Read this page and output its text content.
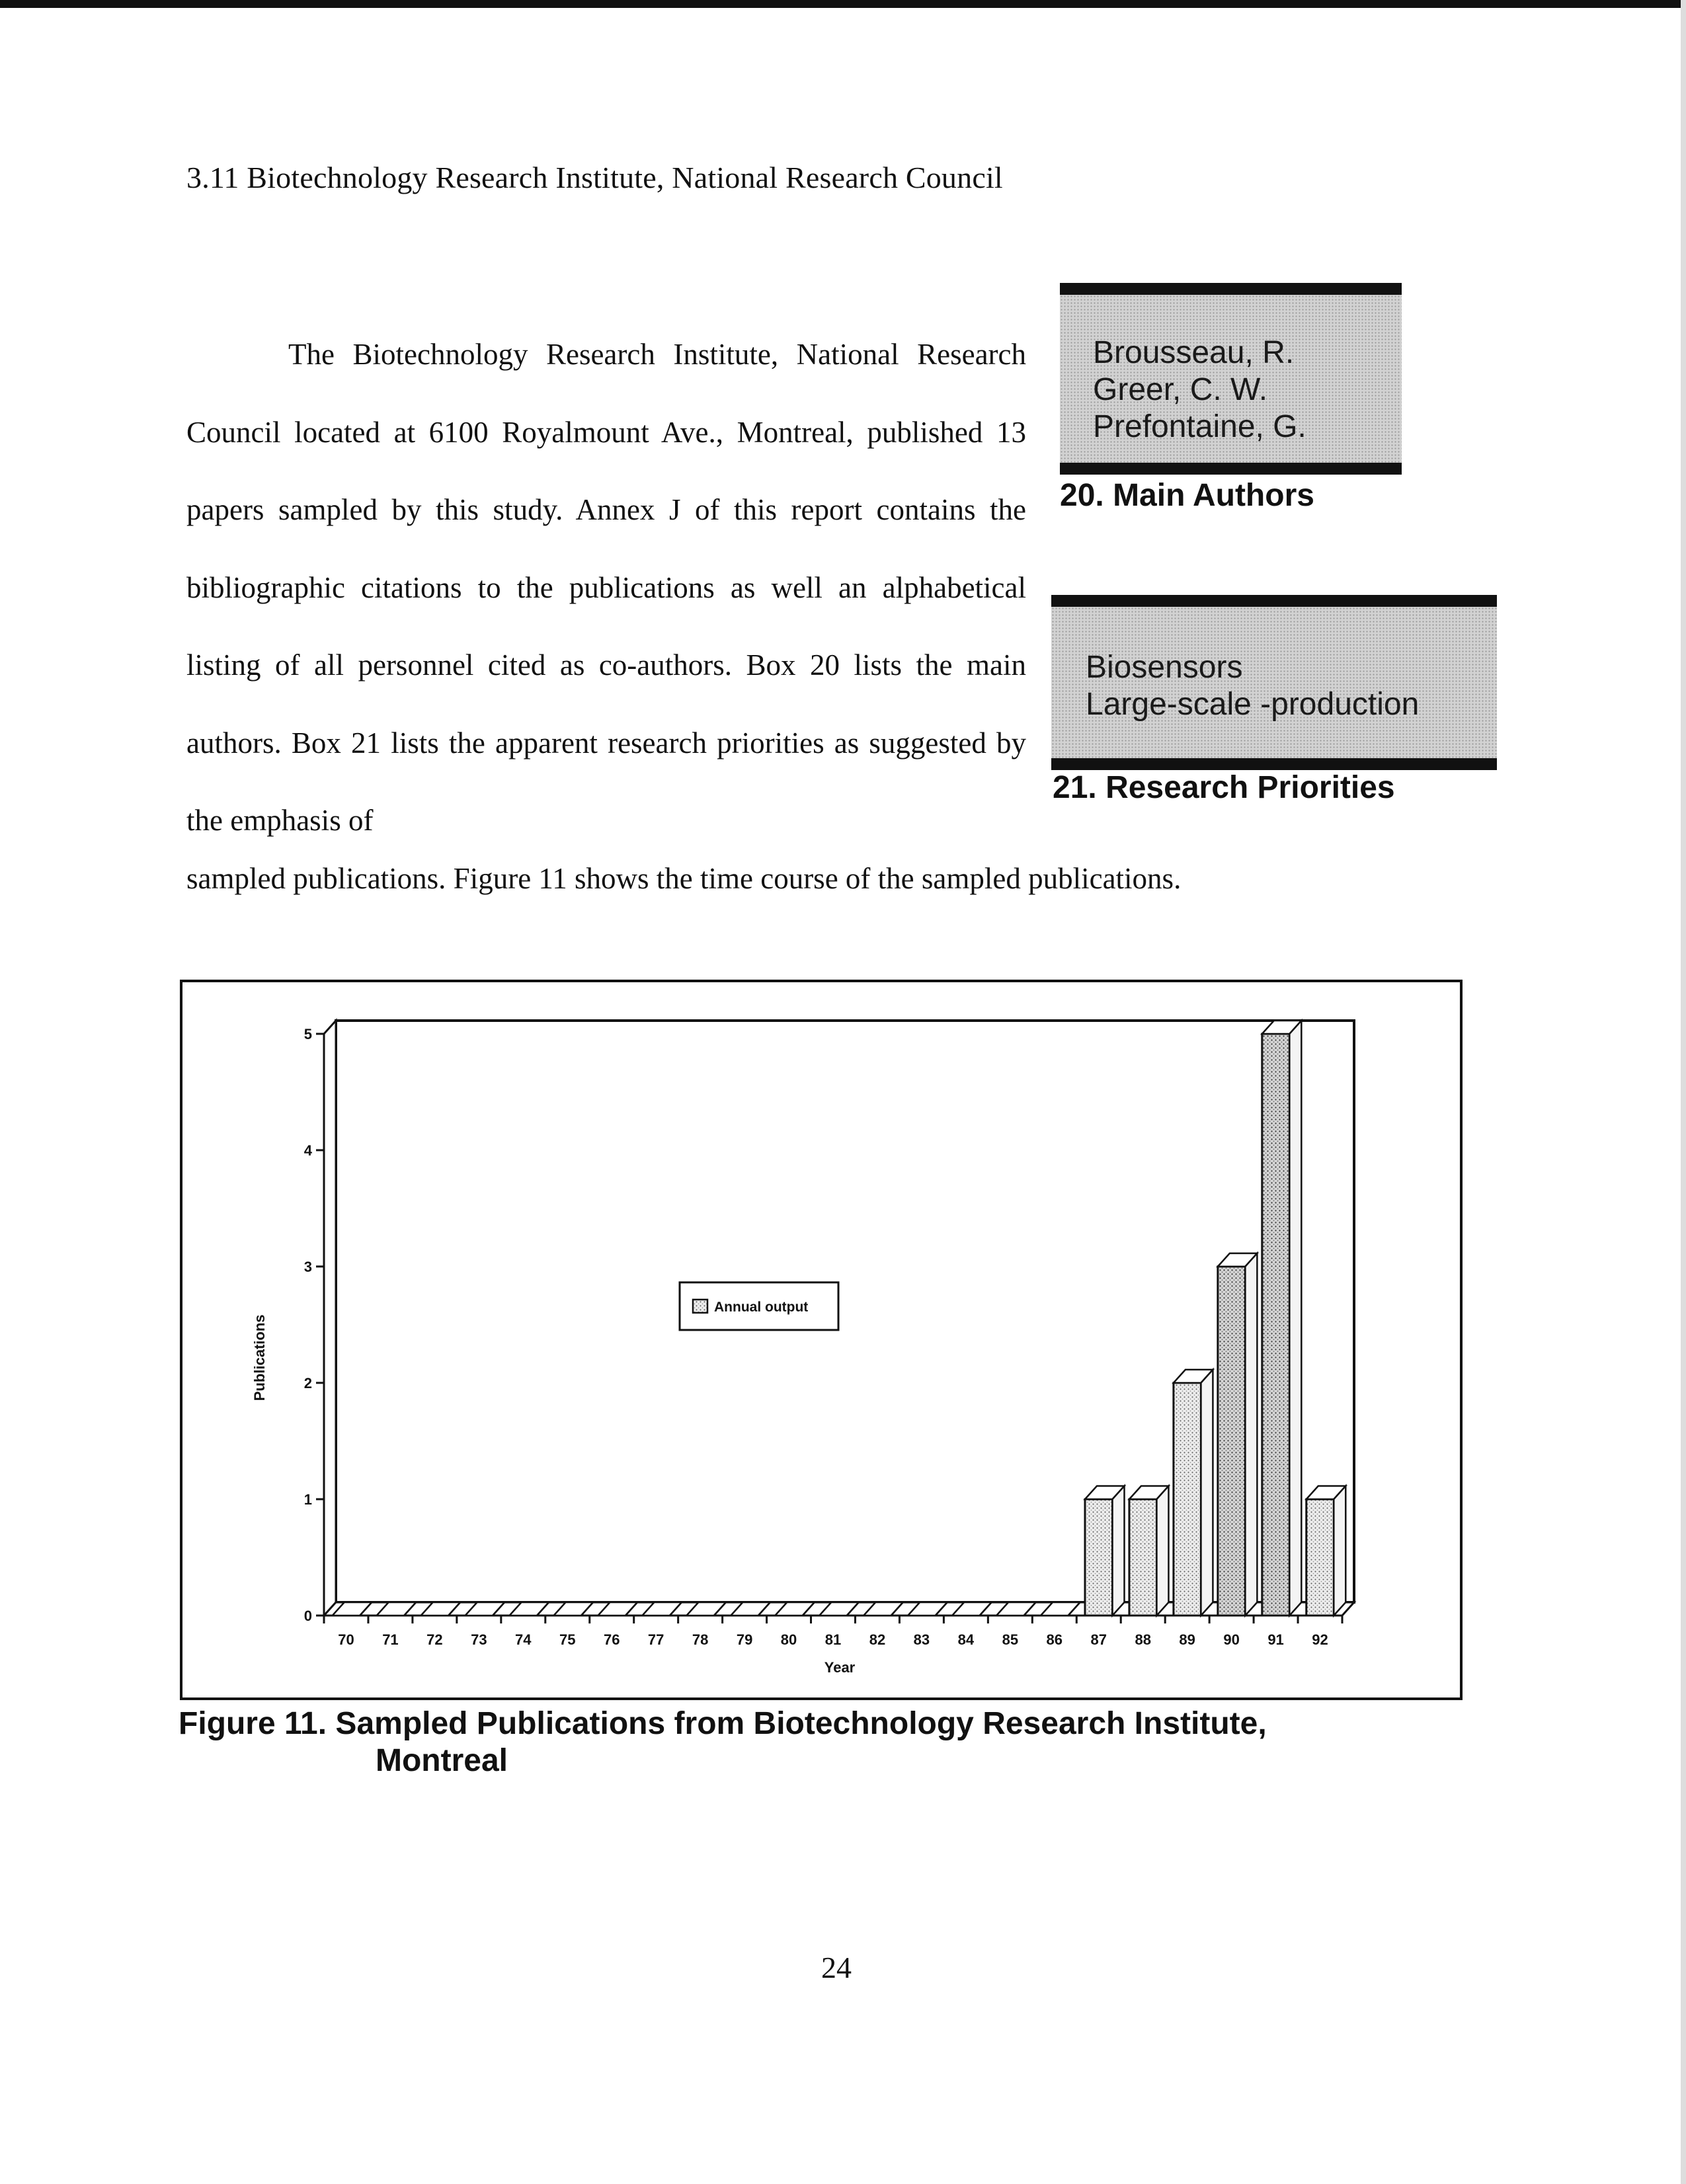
3.11 Biotechnology Research Institute, National Research Council

The Biotechnology Research Institute, National Research Council located at 6100 Royalmount Ave., Montreal, published 13 papers sampled by this study. Annex J of this report contains the bibliographic citations to the publications as well an alphabetical listing of all personnel cited as co-authors. Box 20 lists the main authors. Box 21 lists the apparent research priorities as suggested by the emphasis of

sampled publications. Figure 11 shows the time course of the sampled publications.

Brousseau, R.
Greer, C. W.
Prefontaine, G.
20. Main Authors
Biosensors
Large-scale -production
21. Research Priorities
0
1
2
3
4
5
70 71 72 73 74 75 76 77 78 79 80 81 82 83 84 85 86 87 88 89 90 91 92
Year
Publications
Annual output
Figure 11. Sampled Publications from Biotechnology Research Institute,
Montreal
24
